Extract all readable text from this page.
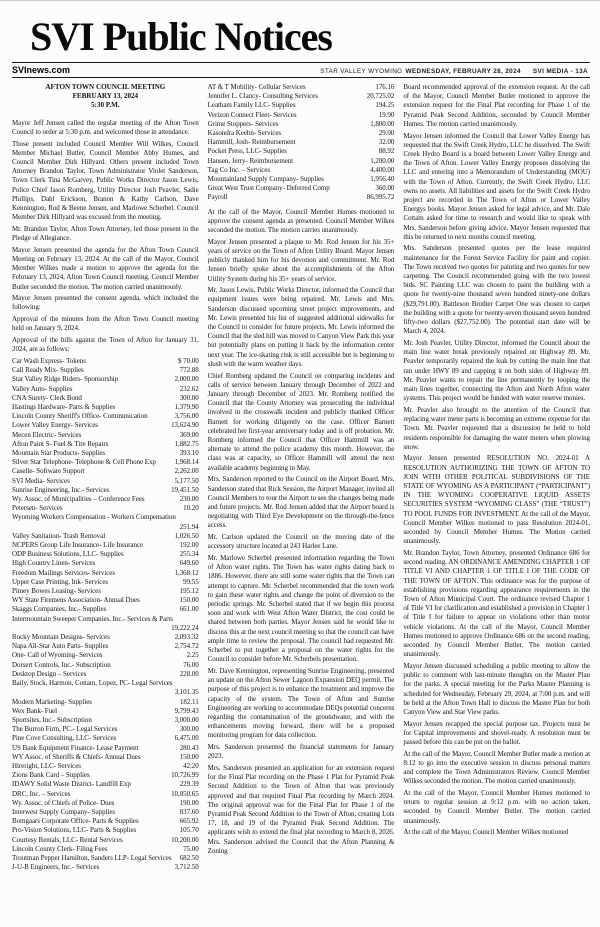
SVI Public Notices
SVInews.com	STAR VALLEY WYOMING WEDNESDAY, FEBRUARY 28, 2024 SVI MEDIA - 13A
AFTON TOWN COUNCIL MEETING
FEBRUARY 13, 2024
5:30 P.M.

Mayor Jeff Jensen called the regular meeting of the Afton Town Council to order at 5:30 p.m. and welcomed those in attendance.

Those present included Council Member Will Wilkes, Council Member Michael Butler, Council Member Abby Humes, and Council Member Dirk Hillyard. Others present included Town Attorney Brandon Taylor, Town Administrator Violet Sanderson, Town Clerk Tina McGarvey, Public Works Director Jason Lewis, Police Chief Jason Romberg, Utility Director Josh Peavler, Sadie Phillips, Dahl Erickson, Branon & Kathy Carlson, Dave Kennington, Rod & Beene Jensen, and Marlowe Scherbel. Council Member Dirk Hillyard was excused from the meeting.

Mr. Brandon Taylor, Afton Town Attorney, led those present in the Pledge of Allegiance.

Mayor Jensen presented the agenda for the Afton Town Council Meeting on February 13, 2024. At the call of the Mayor, Council Member Wilkes made a motion to approve the agenda for the February 13, 2024, Afton Town Council meeting. Council Member Butler seconded the motion. The motion carried unanimously.

Mayor Jensen presented the consent agenda, which included the following:

Approval of the minutes from the Afton Town Council meeting held on January 9, 2024.

Approval of the bills against the Town of Afton for January 31, 2024, are as follows:

Car Wash Express- Tokens	$ 70.00
Call Ready Mix- Supplies	772.88
Star Valley Ridge Riders- Sponsorship	2,000.00
Valley Auto- Supplies	232.62
CNA Surety- Clerk Bond	300.00
Hastings Hardware- Parts & Supplies	1,379.90
Lincoln County Sheriff's Office- Communication	3,756.00
Lower Valley Energy- Services	13,624.90
Mecen Electric- Services	369.00
Afton Paint S- Fuel & Tire Repairs	1,882.75
Mountain Star Products- Supplies	393.10
Silver Star Telephone- Telephone & Cell Phone Exp	1,968.14
Caselle- Software Support	2,262.00
SVI Media- Services	5,177.50
Sunrise Engineering, Inc.- Services	19,451.50
Wy. Assoc. of Municipalities – Conference Fees	230.00
Petersen- Services	10.20
Wyoming Workers Compensation - Workers Compensation
251.94
Valley Sanitation- Trash Removal	1,026.50
NCPERS Group Life Insurance- Life Insurance	192.00
ODP Business Solutions, LLC- Supplies	255.34
High Country Linen- Services	649.60
Freedom Mailings Services- Services	1,368.12
Upper Case Printing, Ink- Services	99.55
Pitney Bowes Leasing- Services	195.12
WY State Firemens Association- Annual Dues	150.00
Skaggs Companies, Inc.- Supplies	661.00
Intermountain Sweeper Companies, Inc.- Services & Parts
19,222.24
Rocky Mountain Designs- Services	2,093.32
Napa All-Star Auto Parts- Supplies	2,754.72
One- Call of Wyoming- Services	2.25
Dorsert Controls, Inc.- Subscription	76.00
Desktop Design – Services	228.00
Baily, Stock, Harmon, Cottam, Lopez, PC- Legal Services
3,101.35
Modern Marketing- Supplies	182.11
Wex Bank- Fuel	9,799.43
Sportsites, Inc.- Subscription	3,000.00
The Burron Firm, PC.- Legal Services	300.00
Pine Cove Consulting, LLC- Services	6,475.00
US Bank Equipment Finance- Lease Payment	280.43
WY Assoc. of Sheriffs & Chiefs- Annual Dues	150.00
Hireright, LLC- Services	42.20
Zions Bank Card – Supplies	10,726.99
IDAWY Solid Waste District- Landfill Exp	229.39
DRC, Inc. – Services	10,850.65
Wy. Assoc. of Chiefs of Police- Dues	190.00
Interwest Supply Company- Supplies	837.60
Bomgaars Corporate Office- Parts & Supplies	665.92
Pro-Vision Solutions, LLC- Parts & Supplies	105.70
Courtesy Rentals, LLC- Rental Services	10,200.00
Lincoln County Clerk- Filing Fees	75.00
Troutman Pepper Hamilton, Sanders LLP- Legal Services	682.50
J-U-B Engineers, Inc.- Services	3,712.50
AT & T Mobility- Cellular Services	176.16
Jennifer L. Clancy- Consulting Services	20,725.02
Leatham Family LLC- Supplies	194.25
Verizon Connect Fleet- Services	19.90
Grime Stoppers- Services	1,800.00
Kasondra Keehn- Services	29.00
Hammill, Josh- Reimbursement	32.00
Pocket Press, LLC- Supplies	88.92
Hansen, Jerry- Reimbursement	1,200.00
Tag Co Inc. – Services	4,400.00
Mountainland Supply Company- Supplies	1,956.40
Great West Trust Company- Deferred Comp	360.00
Payroll	86,995.72

At the call of the Mayor, Council Member Humes motioned to approve the consent agenda as presented. Council Member Wilkes seconded the motion. The motion carries unanimously.

Mayor Jensen presented a plaque to Mr. Rod Jensen for his 35+ years of service on the Town of Afton Utility Board. Mayor Jensen publicly thanked him for his devotion and commitment. Mr. Rod Jensen briefly spoke about the accomplishments of the Afton Utility System during his 35+ years of service.

Mr. Jason Lewis, Public Works Director, informed the Council that equipment issues were being repaired. Mr. Lewis and Mrs. Sanderson discussed upcoming street project improvements, and Mr. Lewis presented his list of suggested additional sidewalks for the Council to consider for future projects. Mr. Lewis informed the Council that the sled hill was moved to Canyon View Park this year but potentially plans on putting it back by the information center next year. The ice-skating rink is still accessible but is beginning to slush with the warm weather days.

Chief Romberg updated the Council on comparing incidents and calls of service between January through December of 2022 and January through December of 2023. Mr. Romberg notified the Council that the County Attorney was prosecuting the individual involved in the crosswalk incident and publicly thanked Officer Barnett for working diligently on the case. Officer Barnett celebrated her first-year anniversary today and is off probation. Mr. Romberg informed the Council that Officer Hammill was an alternate to attend the police academy this month. However, the class was at capacity, so Officer Hammill will attend the next available academy beginning in May.

Mrs. Sanderson reported to the Council on the Airport Board. Mrs. Sanderson stated that Rick Session, the Airport Manager, invited all Council Members to tour the Airport to see the changes being made and future projects. Mr. Rod Jensen added that the Airport board is negotiating with Third Eye Development on the through-the-fence access.

Mr. Carlson updated the Council on the moving date of the accessory structure located at 243 Harlee Lane.

Mr. Marlowe Scherbel presented information regarding the Town of Afton water rights. The Town has water rights dating back to 1886. However, there are still some water rights that the Town can attempt to capture. Mr. Scherbel recommended that the town work to gain these water rights and change the point of diversion to the periodic springs. Mr. Scherbel stated that if we begin this process soon and work with West Afton Water District, the cost could be shared between both parties. Mayor Jensen said he would like to discuss this at the next council meeting so that the council can have ample time to review the proposal. The council had requested Mr. Scherbel to put together a proposal on the water rights for the Council to consider before Mr. Scherbels presentation.

Mr. Dave Kennington, representing Sunrise Engineering, presented an update on the Afton Sewer Lagoon Expansion DEQ permit. The purpose of this project is to enhance the treatment and improve the capacity of the system. The Town of Afton and Sunrise Engineering are working to accommodate DEQs potential concerns regarding the contamination of the groundwater, and with the enhancements moving forward, there will be a proposed monitoring program for data collection.

Mrs. Sanderson presented the financial statements for January 2023.

Mrs. Sanderson presented an application for an extension request for the Final Plat recording on the Phase 1 Plat for Pyramid Peak Second Addition to the Town of Afton that was previously approved and that required Final Plat recording by March 2024. The original approval was for the Final Plat for Phase 1 of the Pyramid Peak Second Addition to the Town of Afton, creating Lots 17, 18, and 19 of the Pyramid Peak Second Addition. The applicants wish to extend the final plat recording to March 8, 2026. Mrs. Sanderson advised the Council that the Afton Planning & Zoning

Board recommended approval of the extension request. At the call of the Mayor, Council Member Butler motioned to approve the extension request for the Final Plat recording for Phase 1 of the Pyramid Peak Second Addition, seconded by Council Member Humes. The motion carried unanimously.

Mayor Jensen informed the Council that Lower Valley Energy has requested that the Swift Creek Hydro, LLC be dissolved. The Swift Creek Hydro Board is a board between Lower Valley Energy and the Town of Afton. Lower Valley Energy proposes dissolving the LLC and entering into a Memorandum of Understanding (MOU) with the Town of Afton. Currently, the Swift Creek Hydro, LLC owns no assets. All liabilities and assets for the Swift Creek Hydro project are recorded in The Town of Afton or Lower Valley Energys books. Mayor Jensen asked for legal advice, and Mr. Dale Cottam asked for time to research and would like to speak with Mrs. Sanderson before giving advice. Mayor Jensen requested that this be returned to next months council meeting.

Mrs. Sanderson presented quotes per the lease required maintenance for the Forest Service Facility for paint and copier. The Town received two quotes for painting and two quotes for new carpeting. The Council recommended going with the two lowest bids. SC Painting LLC was chosen to paint the building with a quote for twenty-nine thousand seven hundred ninety-one dollars ($29,791.00). Battleson Brother Carpet One was chosen to carpet the building with a quote for twenty-seven thousand seven hundred fifty-two dollars ($27,752.00). The potential start date will be March 4, 2024.

Mr. Josh Peavler, Utility Director, informed the Council about the main line water break previously repaired on Highway 89. Mr. Peavler temporarily repaired the leak by cutting the main line that ran under HWY 89 and capping it on both sides of Highway 89. Mr. Peavler wants to repair the line permanently by looping the main lines together, connecting the Afton and North Afton water systems. This project would be funded with water reserve monies.

Mr. Peavler also brought to the attention of the Council that replacing water meter parts is becoming an extreme expense for the Town. Mr. Peavler requested that a discussion be held to hold residents responsible for damaging the water meters when plowing snow.

Mayor Jensen presented RESOLUTION NO. 2024-01 A RESOLUTION AUTHORIZING THE TOWN OF AFTON TO JOIN WITH OTHER POLITICAL SUBDIVISIONS OF THE STATE OF WYOMING AS A PARTICIPANT (“PARTICIPANT”) IN THE WYOMING COOPERATIVE LIQUID ASSETS SECURITIES SYSTEM “WYOMING CLASS” (THE “TRUST”) TO POOL FUNDS FOR INVESTMENT. At the call of the Mayor, Council Member Wilkes motioned to pass Resolution 2024-01, seconded by Council Member Humes. The Motion carried unanimously.

Mr. Brandon Taylor, Town Attorney, presented Ordinance 686 for second reading, AN ORDINANCE AMENDING CHAPTER 1 OF TITLE VI AND CHAPTER 1 OF TITLE I OF THE CODE OF THE TOWN OF AFTON. This ordinance was for the purpose of establishing provisions regarding appearance requirements in the Town of Afton Municipal Court. The ordinance revised Chapter 1 of Title VI for clarification and established a provision in Chapter 1 of Title I for failure to appear on violations other than motor vehicle violations. At the call of the Mayor, Council Member Humes motioned to approve Ordinance 686 on the second reading, seconded by Council Member Butler. The motion carried unanimously.

Mayor Jensen discussed scheduling a public meeting to allow the public to comment with last-minute thoughts on the Master Plan for the parks. A special meeting for the Parks Master Planning is scheduled for Wednesday, February 29, 2024, at 7:00 p.m. and will be held at the Afton Town Hall to discuss the Master Plan for both Canyon View and Star View parks.

Mayor Jensen recapped the special purpose tax. Projects must be for Capital improvements and shovel-ready. A resolution must be passed before this can be put on the ballot.

At the call of the Mayor, Council Member Butler made a motion at 8:12 to go into the executive session to discuss personal matters and complete the Town Administrators Review. Council Member Wilkes seconded the motion. The motion carried unanimously.

At the call of the Mayor, Council Member Humes motioned to return to regular session at 9:12 p.m. with no action taken, seconded by Council Member Butler. The motion carried unanimously.

At the call of the Mayor, Council Member Wilkes motioned
